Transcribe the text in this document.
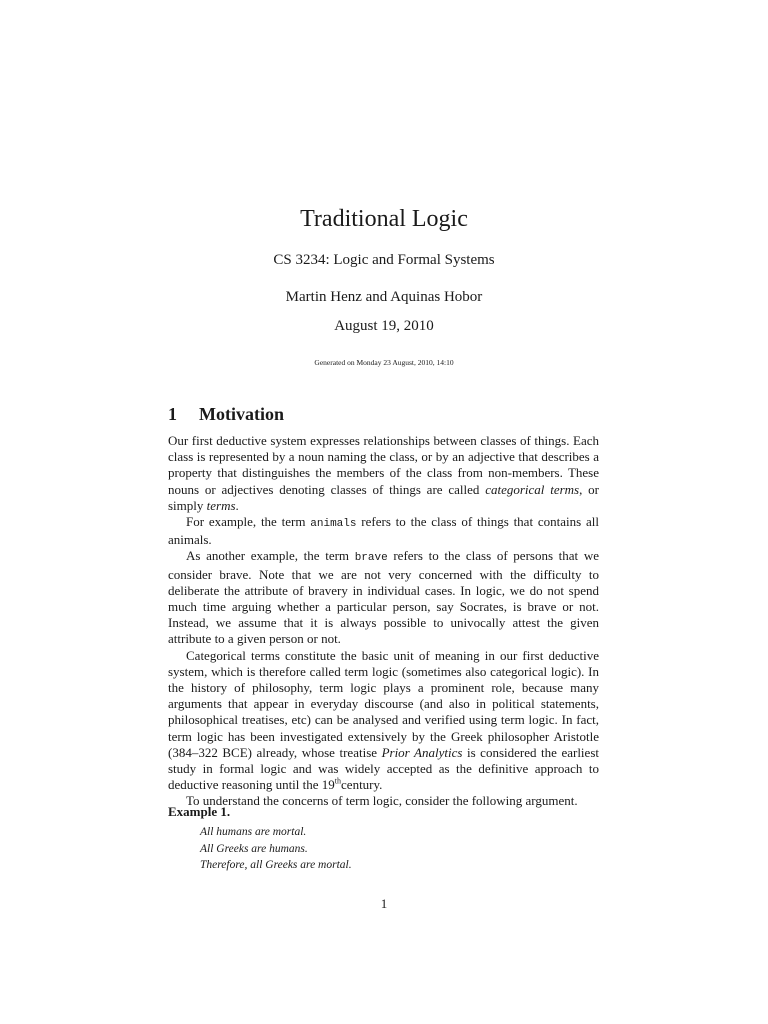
Traditional Logic
CS 3234: Logic and Formal Systems
Martin Henz and Aquinas Hobor
August 19, 2010
Generated on Monday 23 August, 2010, 14:10
1 Motivation

Our first deductive system expresses relationships between classes of things. Each class is represented by a noun naming the class, or by an adjective that describes a property that distinguishes the members of the class from non-members. These nouns or adjectives denoting classes of things are called categorical terms, or simply terms.

For example, the term animals refers to the class of things that contains all animals.

As another example, the term brave refers to the class of persons that we consider brave. Note that we are not very concerned with the difficulty to deliberate the attribute of bravery in individual cases. In logic, we do not spend much time arguing whether a particular person, say Socrates, is brave or not. Instead, we assume that it is always possible to univocally attest the given attribute to a given person or not.

Categorical terms constitute the basic unit of meaning in our first deductive system, which is therefore called term logic (sometimes also categorical logic). In the history of philosophy, term logic plays a prominent role, because many arguments that appear in everyday discourse (and also in political statements, philosophical treatises, etc) can be analysed and verified using term logic. In fact, term logic has been investigated extensively by the Greek philosopher Aristotle (384–322 BCE) already, whose treatise Prior Analytics is considered the earliest study in formal logic and was widely accepted as the definitive approach to deductive reasoning until the 19thcentury.

To understand the concerns of term logic, consider the following argument.

Example 1.
All humans are mortal.
All Greeks are humans.
Therefore, all Greeks are mortal.
1
